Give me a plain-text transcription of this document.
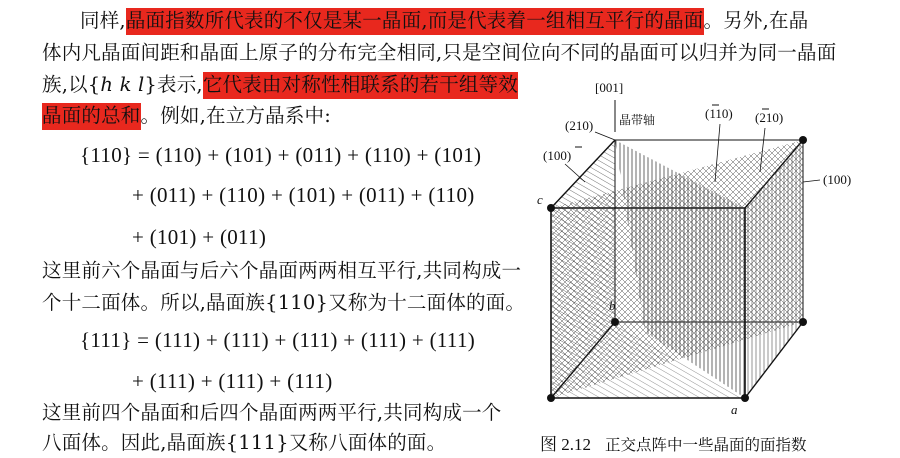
同样,晶面指数所代表的不仅是某一晶面,而是代表着一组相互平行的晶面。另外,在晶
体内凡晶面间距和晶面上原子的分布完全相同,只是空间位向不同的晶面可以归并为同一晶面
族,以{h k l}表示,它代表由对称性相联系的若干组等效
晶面的总和。例如,在立方晶系中:
{110} = (110) + (101) + (011) + (110) + (101)
+ (011) + (110) + (101) + (011) + (110)
+ (101) + (011)
这里前六个晶面与后六个晶面两两相互平行,共同构成一
个十二面体。所以,晶面族{110}又称为十二面体的面。
{111} = (111) + (111) + (111) + (111) + (111)
+ (111) + (111) + (111)
这里前四个晶面和后四个晶面两两平行,共同构成一个
八面体。因此,晶面族{111}又称八面体的面。
[001]
晶带轴
(210)
(100)
(110) (210)
(100)
a
b
c
图 2.12 正交点阵中一些晶面的面指数
